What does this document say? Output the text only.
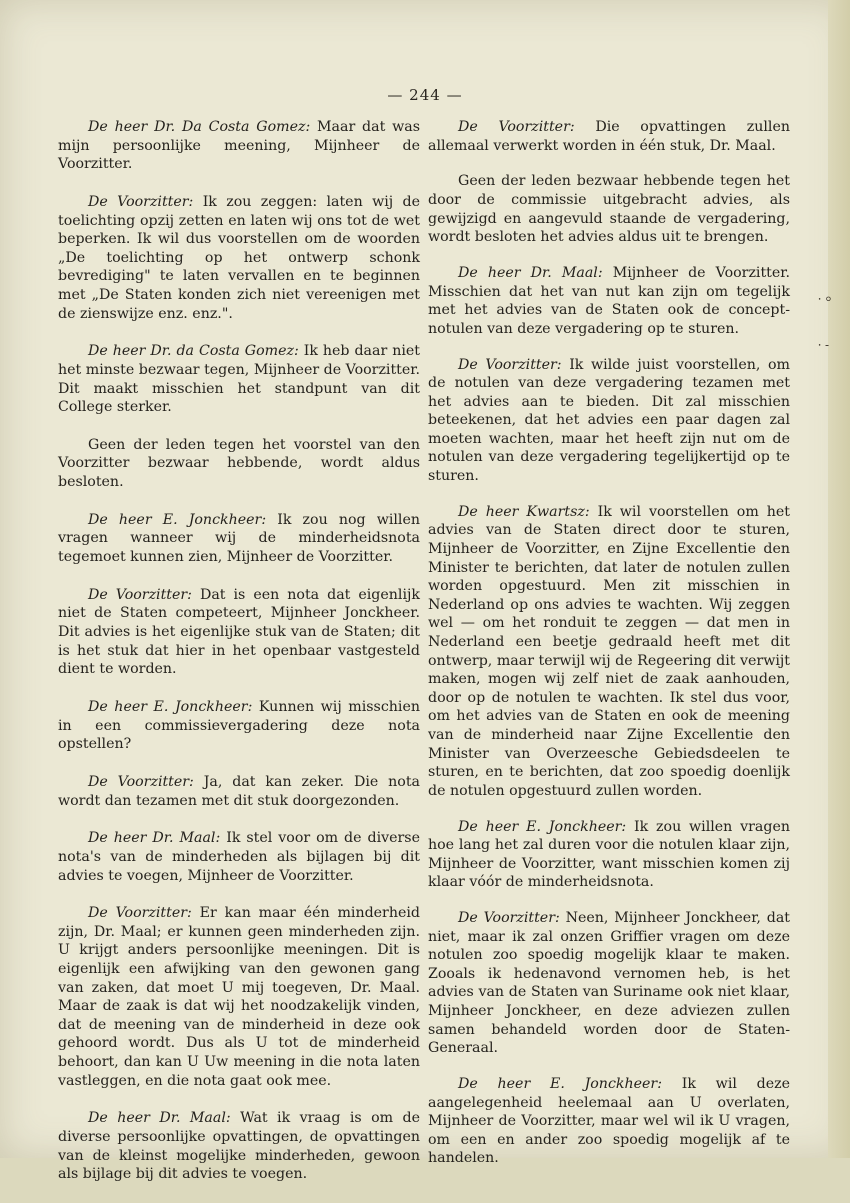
— 244 —

De heer Dr. Da Costa Gomez: Maar dat was mijn persoonlijke meening, Mijnheer de Voorzitter.

De Voorzitter: Ik zou zeggen: laten wij de toelichting opzij zetten en laten wij ons tot de wet beperken. Ik wil dus voorstellen om de woorden „De toelichting op het ontwerp schonk bevrediging" te laten vervallen en te beginnen met „De Staten konden zich niet vereenigen met de zienswijze enz. enz.".

De heer Dr. da Costa Gomez: Ik heb daar niet het minste bezwaar tegen, Mijnheer de Voorzitter. Dit maakt misschien het standpunt van dit College sterker.

Geen der leden tegen het voorstel van den Voorzitter bezwaar hebbende, wordt aldus besloten.

De heer E. Jonckheer: Ik zou nog willen vragen wanneer wij de minderheidsnota tegemoet kunnen zien, Mijnheer de Voorzitter.

De Voorzitter: Dat is een nota dat eigenlijk niet de Staten competeert, Mijnheer Jonckheer. Dit advies is het eigenlijke stuk van de Staten; dit is het stuk dat hier in het openbaar vastgesteld dient te worden.

De heer E. Jonckheer: Kunnen wij misschien in een commissievergadering deze nota opstellen?

De Voorzitter: Ja, dat kan zeker. Die nota wordt dan tezamen met dit stuk doorgezonden.

De heer Dr. Maal: Ik stel voor om de diverse nota's van de minderheden als bijlagen bij dit advies te voegen, Mijnheer de Voorzitter.

De Voorzitter: Er kan maar één minderheid zijn, Dr. Maal; er kunnen geen minderheden zijn. U krijgt anders persoonlijke meeningen. Dit is eigenlijk een afwijking van den gewonen gang van zaken, dat moet U mij toegeven, Dr. Maal. Maar de zaak is dat wij het noodzakelijk vinden, dat de meening van de minderheid in deze ook gehoord wordt. Dus als U tot de minderheid behoort, dan kan U Uw meening in die nota laten vastleggen, en die nota gaat ook mee.

De heer Dr. Maal: Wat ik vraag is om de diverse persoonlijke opvattingen, de opvattingen van de kleinst mogelijke minderheden, gewoon als bijlage bij dit advies te voegen.

De Voorzitter: Die opvattingen zullen allemaal verwerkt worden in één stuk, Dr. Maal.

Geen der leden bezwaar hebbende tegen het door de commissie uitgebracht advies, als gewijzigd en aangevuld staande de vergadering, wordt besloten het advies aldus uit te brengen.

De heer Dr. Maal: Mijnheer de Voorzitter. Misschien dat het van nut kan zijn om tegelijk met het advies van de Staten ook de concept-notulen van deze vergadering op te sturen.

De Voorzitter: Ik wilde juist voorstellen, om de notulen van deze vergadering tezamen met het advies aan te bieden. Dit zal misschien beteekenen, dat het advies een paar dagen zal moeten wachten, maar het heeft zijn nut om de notulen van deze vergadering tegelijkertijd op te sturen.

De heer Kwartsz: Ik wil voorstellen om het advies van de Staten direct door te sturen, Mijnheer de Voorzitter, en Zijne Excellentie den Minister te berichten, dat later de notulen zullen worden opgestuurd. Men zit misschien in Nederland op ons advies te wachten. Wij zeggen wel — om het ronduit te zeggen — dat men in Nederland een beetje gedraald heeft met dit ontwerp, maar terwijl wij de Regeering dit verwijt maken, mogen wij zelf niet de zaak aanhouden, door op de notulen te wachten. Ik stel dus voor, om het advies van de Staten en ook de meening van de minderheid naar Zijne Excellentie den Minister van Overzeesche Gebiedsdeelen te sturen, en te berichten, dat zoo spoedig doenlijk de notulen opgestuurd zullen worden.

De heer E. Jonckheer: Ik zou willen vragen hoe lang het zal duren voor die notulen klaar zijn, Mijnheer de Voorzitter, want misschien komen zij klaar vóór de minderheidsnota.

De Voorzitter: Neen, Mijnheer Jonckheer, dat niet, maar ik zal onzen Griffier vragen om deze notulen zoo spoedig mogelijk klaar te maken. Zooals ik hedenavond vernomen heb, is het advies van de Staten van Suriname ook niet klaar, Mijnheer Jonckheer, en deze adviezen zullen samen behandeld worden door de Staten-Generaal.

De heer E. Jonckheer: Ik wil deze aangelegenheid heelemaal aan U overlaten, Mijnheer de Voorzitter, maar wel wil ik U vragen, om een en ander zoo spoedig mogelijk af te handelen.

⸱ ⸰
⸱ -
